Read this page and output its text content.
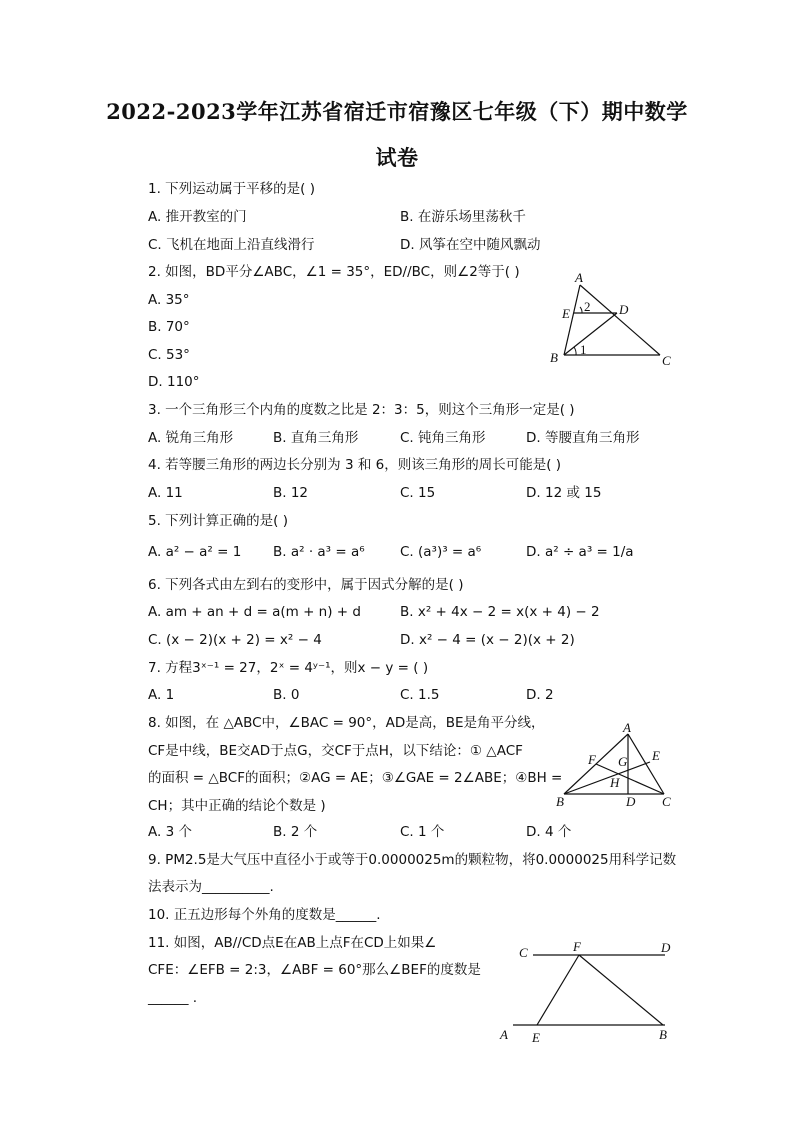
2022-2023学年江苏省宿迁市宿豫区七年级（下）期中数学
试卷
1. 下列运动属于平移的是( )
A. 推开教室的门	B. 在游乐场里荡秋千
C. 飞机在地面上沿直线滑行	D. 风筝在空中随风飘动
2. 如图，BD平分∠ABC，∠1 = 35°，ED//BC，则∠2等于( )
A. 35°
B. 70°
C. 53°
D. 110°
A
E 2 D
B
1
C
3. 一个三角形三个内角的度数之比是 2：3：5，则这个三角形一定是( )
A. 锐角三角形	B. 直角三角形	C. 钝角三角形	D. 等腰直角三角形
4. 若等腰三角形的两边长分别为 3 和 6，则该三角形的周长可能是( )
A. 11	B. 12	C. 15	D. 12 或 15
5. 下列计算正确的是( )
A. a² − a² = 1 B. a² · a³ = a⁶	C. (a³)³ = a⁶	D. a² ÷ a³ = 1/a
6. 下列各式由左到右的变形中，属于因式分解的是( )
A. am + an + d = a(m + n) + d	B. x² + 4x − 2 = x(x + 4) − 2
C. (x − 2)(x + 2) = x² − 4	D. x² − 4 = (x − 2)(x + 2)
7. 方程3ˣ⁻¹ = 27，2ˣ = 4ʸ⁻¹，则x − y = ( )
A. 1	B. 0	C. 1.5	D. 2
8. 如图，在 △ABC中，∠BAC = 90°，AD是高，BE是角平分线，
CF是中线，BE交AD于点G，交CF于点H，以下结论：① △ACF
的面积 = △BCF的面积；②AG = AE；③∠GAE = 2∠ABE；④BH =
CH；其中正确的结论个数是 )
A. 3 个	B. 2 个	C. 1 个	D. 4 个
A
F	E
G
H
B	D C
9. PM2.5是大气压中直径小于或等于0.0000025m的颗粒物，将0.0000025用科学记数
法表示为__________.
10. 正五边形每个外角的度数是______.
11. 如图，AB//CD点E在AB上点F在CD上如果∠
CFE：∠EFB = 2:3，∠ABF = 60°那么∠BEF的度数是
______ .
C	F	D
A E	B
